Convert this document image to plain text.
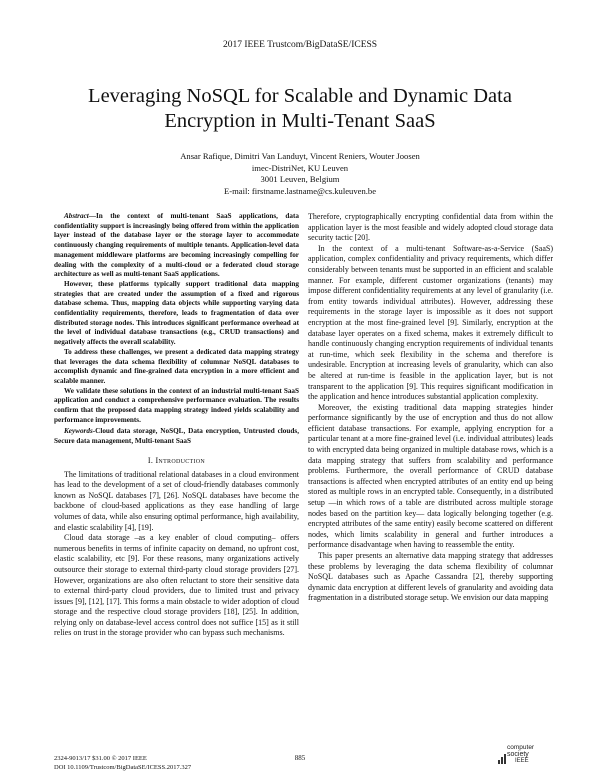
2017 IEEE Trustcom/BigDataSE/ICESS
Leveraging NoSQL for Scalable and Dynamic Data Encryption in Multi-Tenant SaaS
Ansar Rafique, Dimitri Van Landuyt, Vincent Reniers, Wouter Joosen
imec-DistriNet, KU Leuven
3001 Leuven, Belgium
E-mail: firstname.lastname@cs.kuleuven.be

Abstract—In the context of multi-tenant SaaS applications, data confidentiality support is increasingly being offered from within the application layer instead of the database layer or the storage layer to accommodate continuously changing requirements of multiple tenants. Application-level data management middleware platforms are becoming increasingly compelling for dealing with the complexity of a multi-cloud or a federated cloud storage architecture as well as multi-tenant SaaS applications.

However, these platforms typically support traditional data mapping strategies that are created under the assumption of a fixed and rigorous database schema. Thus, mapping data objects while supporting varying data confidentiality requirements, therefore, leads to fragmentation of data over distributed storage nodes. This introduces significant performance overhead at the level of individual database transactions (e.g., CRUD transactions) and negatively affects the overall scalability.

To address these challenges, we present a dedicated data mapping strategy that leverages the data schema flexibility of columnar NoSQL databases to accomplish dynamic and fine-grained data encryption in a more efficient and scalable manner.

We validate these solutions in the context of an industrial multi-tenant SaaS application and conduct a comprehensive performance evaluation. The results confirm that the proposed data mapping strategy indeed yields scalability and performance improvements.

Keywords-Cloud data storage, NoSQL, Data encryption, Untrusted clouds, Secure data management, Multi-tenant SaaS

I. Introduction

The limitations of traditional relational databases in a cloud environment has lead to the development of a set of cloud-friendly databases commonly known as NoSQL databases [7], [26]. NoSQL databases have become the backbone of cloud-based applications as they ease handling of large volumes of data, while also ensuring optimal performance, high availability, and elastic scalability [4], [19].

Cloud data storage –as a key enabler of cloud computing– offers numerous benefits in terms of infinite capacity on demand, no upfront cost, elastic scalability, etc [9]. For these reasons, many organizations actively outsource their storage to external third-party cloud storage providers [27]. However, organizations are also often reluctant to store their sensitive data to external third-party cloud providers, due to limited trust and privacy issues [9], [12], [17]. This forms a main obstacle to wider adoption of cloud storage and the respective cloud storage providers [18], [25]. In addition, relying only on database-level access control does not suffice [15] as it still relies on trust in the storage provider who can bypass such mechanisms.

Therefore, cryptographically encrypting confidential data from within the application layer is the most feasible and widely adopted cloud storage data security tactic [20].

In the context of a multi-tenant Software-as-a-Service (SaaS) application, complex confidentiality and privacy requirements, which differ considerably between tenants must be supported in an efficient and scalable manner. For example, different customer organizations (tenants) may impose different confidentiality requirements at any level of granularity (i.e. from entity towards individual attributes). However, addressing these requirements in the storage layer is impossible as it does not support encryption at the most fine-grained level [9]. Similarly, encryption at the database layer operates on a fixed schema, makes it extremely difficult to handle continuously changing encryption requirements of individual tenants at run-time, which seek flexibility in the schema and therefore is undesirable. Encryption at increasing levels of granularity, which can also be altered at run-time is feasible in the application layer, but is not transparent to the application [9]. This requires significant modification in the application and hence introduces substantial application complexity.

Moreover, the existing traditional data mapping strategies hinder performance significantly by the use of encryption and thus do not allow efficient database transactions. For example, applying encryption for a particular tenant at a more fine-grained level (i.e. individual attributes) leads to with encrypted data being organized in multiple database rows, which is a data mapping strategy that suffers from scalability and performance problems. Furthermore, the overall performance of CRUD database transactions is affected when encrypted attributes of an entity end up being stored as multiple rows in an encrypted table. Consequently, in a distributed setup —in which rows of a table are distributed across multiple storage nodes based on the partition key— data logically belonging together (e.g. encrypted attributes of the same entity) easily become scattered on different nodes, which limits scalability in general and further introduces a performance disadvantage when having to reassemble the entity.

This paper presents an alternative data mapping strategy that addresses these problems by leveraging the data schema flexibility of columnar NoSQL databases such as Apache Cassandra [2], thereby supporting dynamic data encryption at different levels of granularity and avoiding data fragmentation in a distributed storage setup. We envision our data mapping

2324-9013/17 $31.00 © 2017 IEEE
DOI 10.1109/Trustcom/BigDataSE/ICESS.2017.327
885
computer
society
IEEE
